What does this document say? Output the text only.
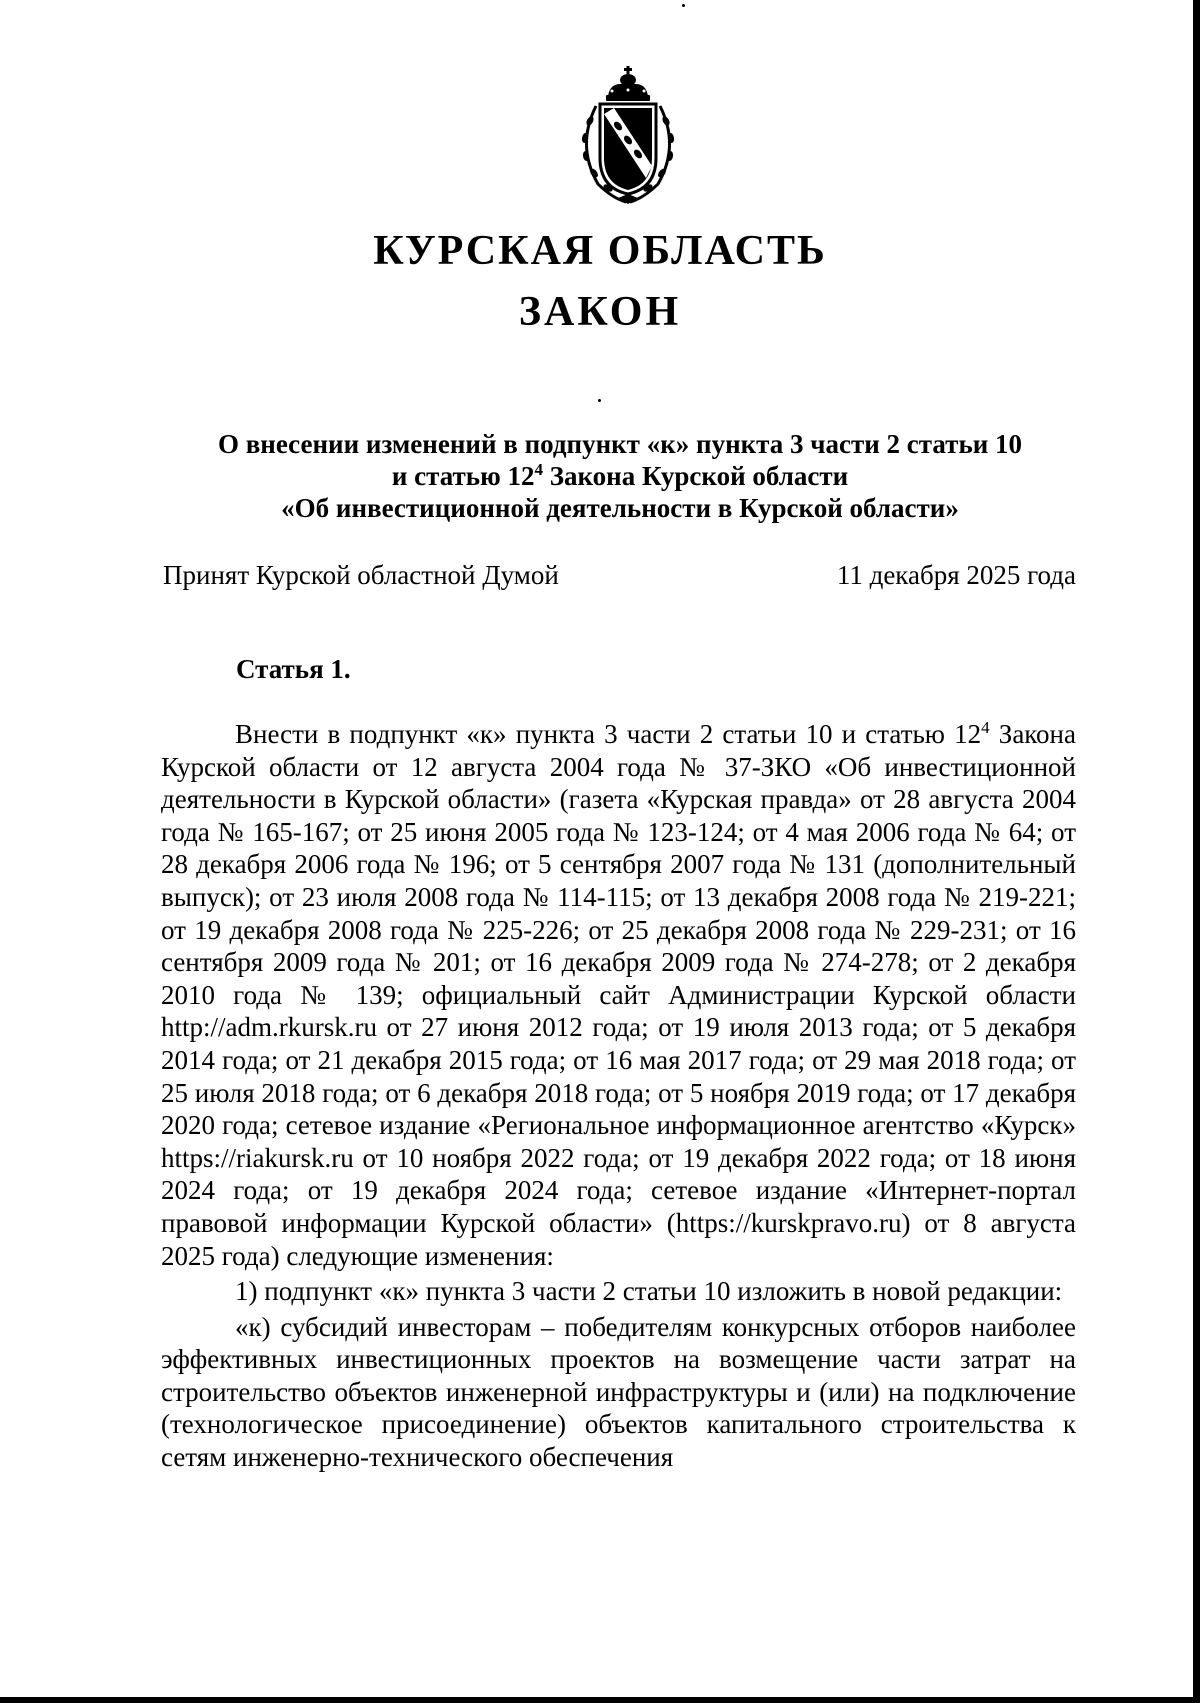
КУРСКАЯ ОБЛАСТЬ
ЗАКОН
О внесении изменений в подпункт «к» пункта 3 части 2 статьи 10
и статью $12^4$ Закона Курской области
«Об инвестиционной деятельности в Курской области»
Принят Курской областной Думой	11 декабря 2025 года
Статья 1.

Внести в подпункт «к» пункта 3 части 2 статьи 10 и статью $12^4$ Закона Курской области от 12 августа 2004 года № 37-ЗКО «Об инвестиционной деятельности в Курской области» (газета «Курская правда» от 28 августа 2004 года № 165-167; от 25 июня 2005 года № 123-124; от 4 мая 2006 года № 64; от 28 декабря 2006 года № 196; от 5 сентября 2007 года № 131 (дополнительный выпуск); от 23 июля 2008 года № 114-115; от 13 декабря 2008 года № 219-221; от 19 декабря 2008 года № 225-226; от 25 декабря 2008 года № 229-231; от 16 сентября 2009 года № 201; от 16 декабря 2009 года № 274-278; от 2 декабря 2010 года № 139; официальный сайт Администрации Курской области http://adm.rkursk.ru от 27 июня 2012 года; от 19 июля 2013 года; от 5 декабря 2014 года; от 21 декабря 2015 года; от 16 мая 2017 года; от 29 мая 2018 года; от 25 июля 2018 года; от 6 декабря 2018 года; от 5 ноября 2019 года; от 17 декабря 2020 года; сетевое издание «Региональное информационное агентство «Курск» https://riakursk.ru от 10 ноября 2022 года; от 19 декабря 2022 года; от 18 июня 2024 года; от 19 декабря 2024 года; сетевое издание «Интернет-портал правовой информации Курской области» (https://kurskpravo.ru) от 8 августа 2025 года) следующие изменения:

1) подпункт «к» пункта 3 части 2 статьи 10 изложить в новой редакции:

«к) субсидий инвесторам – победителям конкурсных отборов наиболее эффективных инвестиционных проектов на возмещение части затрат на строительство объектов инженерной инфраструктуры и (или) на подключение (технологическое присоединение) объектов капитального строительства к сетям инженерно-технического обеспечения
